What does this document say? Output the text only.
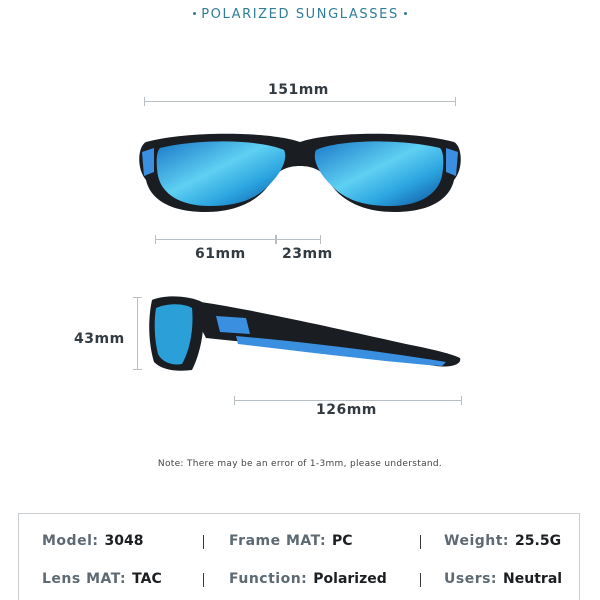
POLARIZED SUNGLASSES
151mm
61mm	23mm
43mm
126mm
Note: There may be an error of 1-3mm, please understand.
Model: 3048	Frame MAT: PC	Weight: 25.5G
Lens MAT: TAC	Function: Polarized	Users: Neutral
